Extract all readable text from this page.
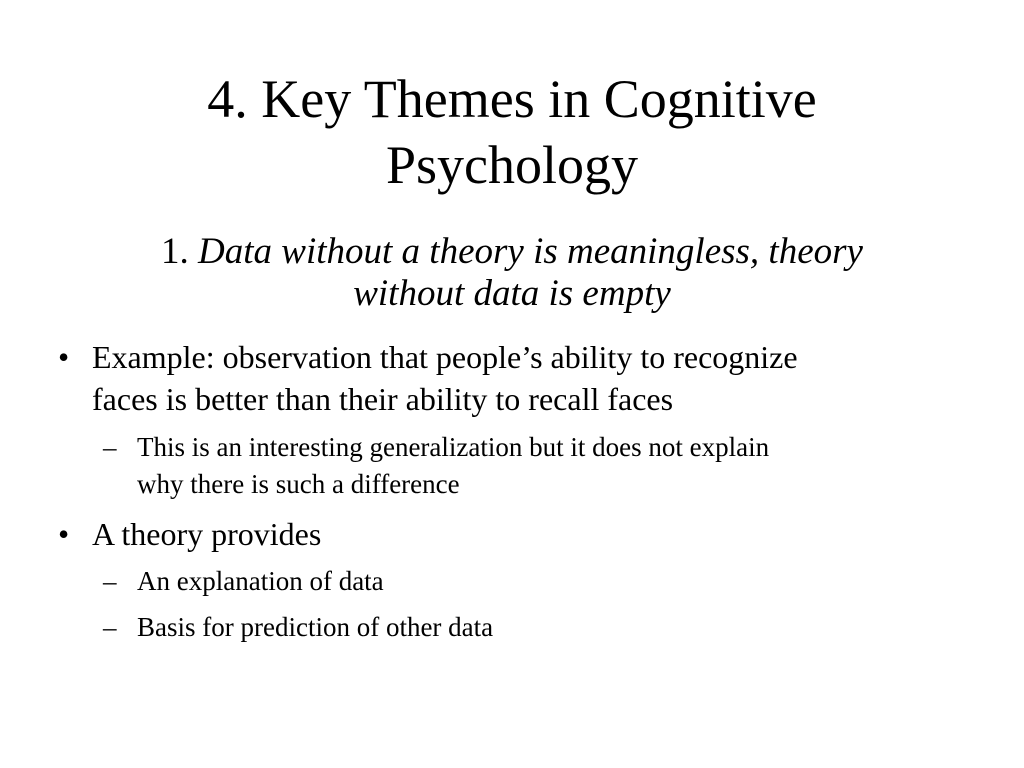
4. Key Themes in Cognitive
Psychology
1. Data without a theory is meaningless, theory
without data is empty
• Example: observation that people’s ability to recognize
faces is better than their ability to recall faces
– This is an interesting generalization but it does not explain
why there is such a difference
• A theory provides
– An explanation of data
– Basis for prediction of other data
